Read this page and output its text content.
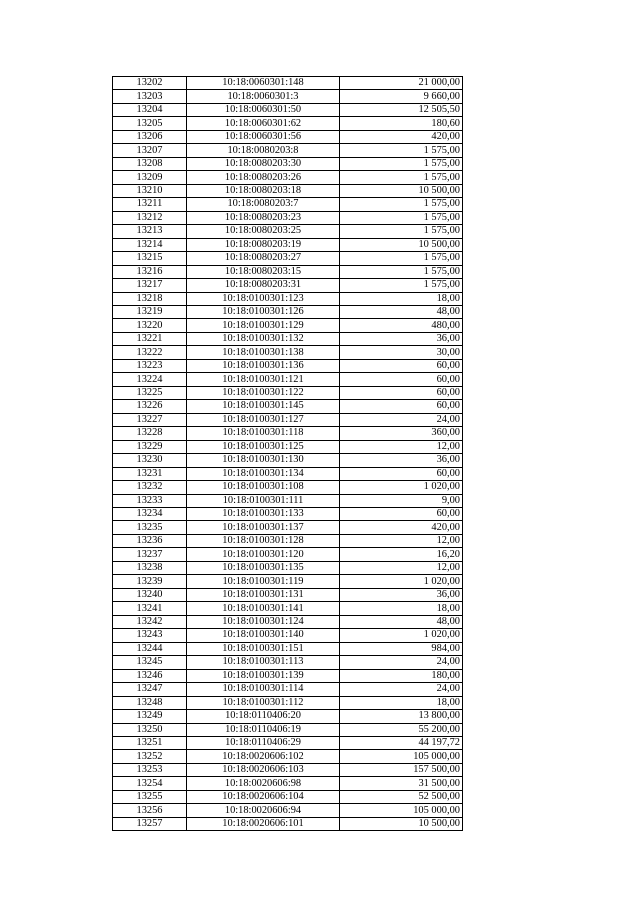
13202	10:18:0060301:148	21 000,00
13203	10:18:0060301:3	9 660,00
13204	10:18:0060301:50	12 505,50
13205	10:18:0060301:62	180,60
13206	10:18:0060301:56	420,00
13207	10:18:0080203:8	1 575,00
13208	10:18:0080203:30	1 575,00
13209	10:18:0080203:26	1 575,00
13210	10:18:0080203:18	10 500,00
13211	10:18:0080203:7	1 575,00
13212	10:18:0080203:23	1 575,00
13213	10:18:0080203:25	1 575,00
13214	10:18:0080203:19	10 500,00
13215	10:18:0080203:27	1 575,00
13216	10:18:0080203:15	1 575,00
13217	10:18:0080203:31	1 575,00
13218	10:18:0100301:123	18,00
13219	10:18:0100301:126	48,00
13220	10:18:0100301:129	480,00
13221	10:18:0100301:132	36,00
13222	10:18:0100301:138	30,00
13223	10:18:0100301:136	60,00
13224	10:18:0100301:121	60,00
13225	10:18:0100301:122	60,00
13226	10:18:0100301:145	60,00
13227	10:18:0100301:127	24,00
13228	10:18:0100301:118	360,00
13229	10:18:0100301:125	12,00
13230	10:18:0100301:130	36,00
13231	10:18:0100301:134	60,00
13232	10:18:0100301:108	1 020,00
13233	10:18:0100301:111	9,00
13234	10:18:0100301:133	60,00
13235	10:18:0100301:137	420,00
13236	10:18:0100301:128	12,00
13237	10:18:0100301:120	16,20
13238	10:18:0100301:135	12,00
13239	10:18:0100301:119	1 020,00
13240	10:18:0100301:131	36,00
13241	10:18:0100301:141	18,00
13242	10:18:0100301:124	48,00
13243	10:18:0100301:140	1 020,00
13244	10:18:0100301:151	984,00
13245	10:18:0100301:113	24,00
13246	10:18:0100301:139	180,00
13247	10:18:0100301:114	24,00
13248	10:18:0100301:112	18,00
13249	10:18:0110406:20	13 800,00
13250	10:18:0110406:19	55 200,00
13251	10:18:0110406:29	44 197,72
13252	10:18:0020606:102	105 000,00
13253	10:18:0020606:103	157 500,00
13254	10:18:0020606:98	31 500,00
13255	10:18:0020606:104	52 500,00
13256	10:18:0020606:94	105 000,00
13257	10:18:0020606:101	10 500,00
